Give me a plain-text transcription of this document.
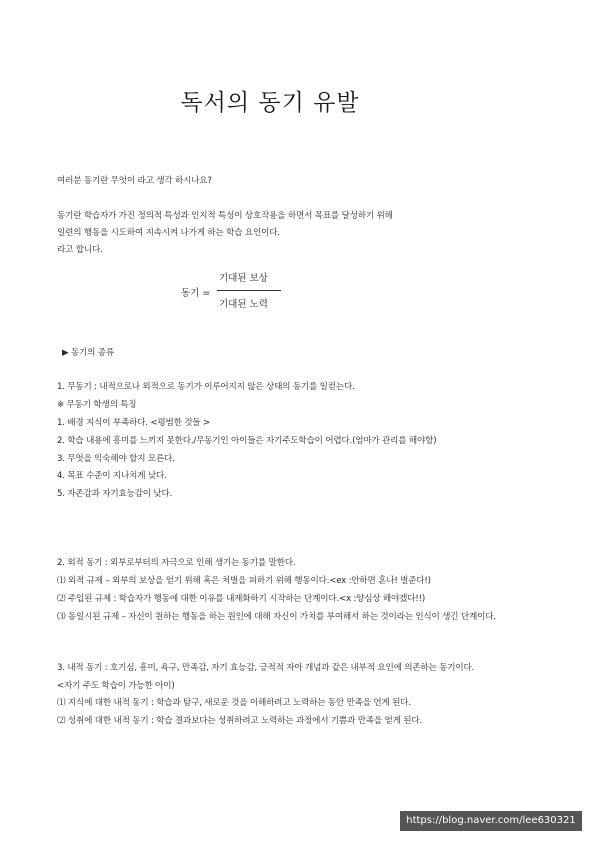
독서의 동기 유발
여러분 동기란 무엇이 라고 생각 하시나요?
동기란 학습자가 가진 정의적 특성과 인지적 특성이 상호작용을 하면서 목표를 달성하기 위해
일련의 행동을 시도하여 지속시켜 나가게 하는 학습 요인이다.
라고 합니다.
동기 =
기대된 보상
기대된 노력
▶ 동기의 종류
1. 무동기 : 내적으로나 외적으로 동기가 이루어지지 않은 상태의 동기를 일컫는다.
※ 무동기 학생의 특징
1. 배경 지식이 부족하다. <평범한 것들 >
2. 학습 내용에 흥미를 느끼지 못한다./무동기인 아이들은 자기주도학습이 어렵다.(엄마가 관리를 해야함)
3. 무엇을 익숙해야 할지 모른다.
4. 목표 수준이 지나치게 낮다.
5. 자존감과 자기효능감이 낮다.
2. 외적 동기 : 외부로부터의 자극으로 인해 생기는 동기를 말한다.
⑴ 외적 규제 – 외부의 보상을 얻기 위해 혹은 처벌을 피하기 위해 행동이다.<ex :안하면 혼나! 벌준다!)
⑵ 주입된 규제 : 학습자가 행동에 대한 이유를 내재화하기 시작하는 단계이다.<x :양심상 해야겠다!!)
⑶ 동일시된 규제 – 자신이 원하는 행동을 하는 원인에 대해 자신이 가치를 부여해서 하는 것이라는 인식이 생긴 단계이다.
3. 내적 동기 : 호기심, 흥미, 욕구, 만족감, 자기 효능감, 긍적적 자아 개념과 같은 내부적 요인에 의존하는 동기이다.
<자기 주도 학습이 가능한 아이)
⑴ 지식에 대한 내적 동기 : 학습과 탐구, 새로운 것을 이해하려고 노력하는 동안 만족을 언게 된다.
⑵ 성취에 대한 내적 동기 : 학습 결과보다는 성취하려고 노력하는 과정에서 기쁨과 만족을 얻게 된다.
https://blog.naver.com/lee630321
